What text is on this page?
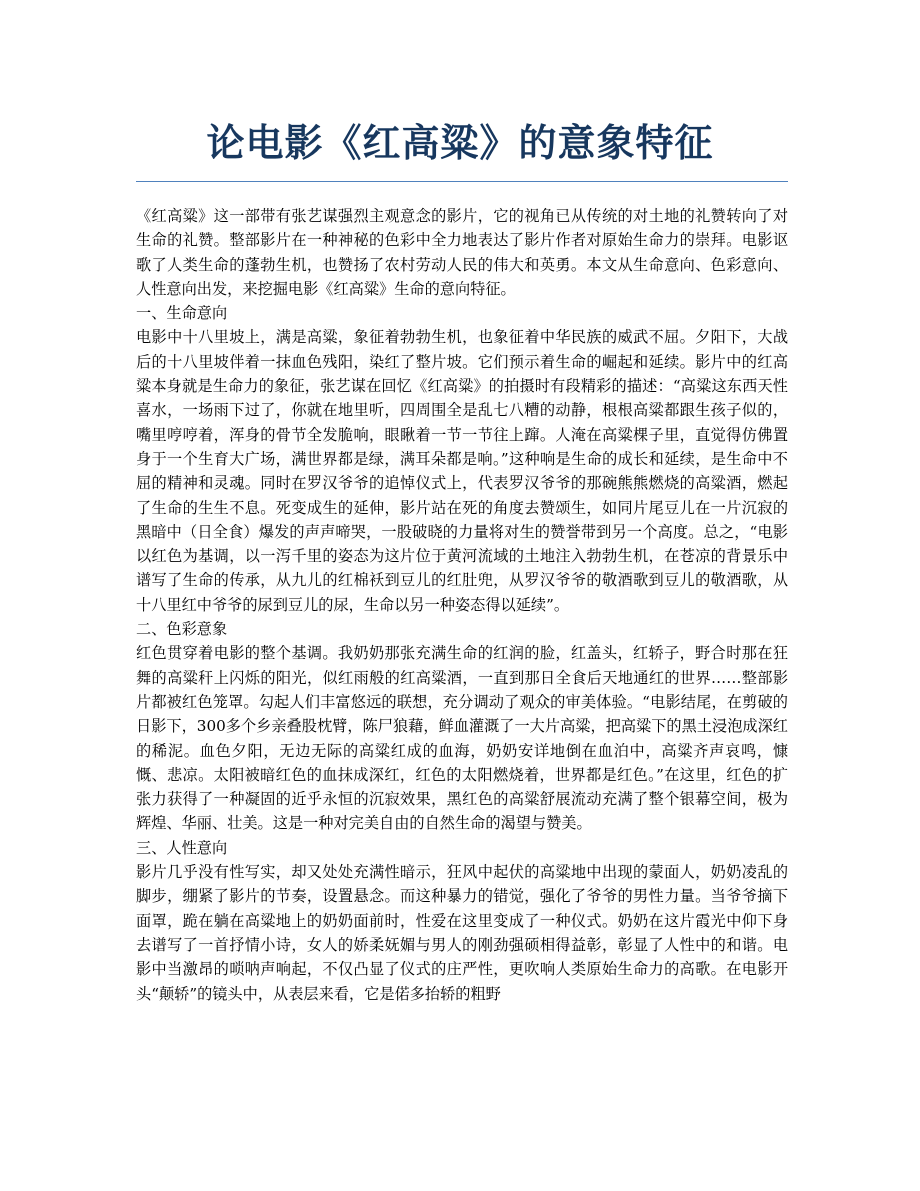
论电影《红高粱》的意象特征

《红高粱》这一部带有张艺谋强烈主观意念的影片，它的视角已从传统的对土地的礼赞转向了对生命的礼赞。整部影片在一种神秘的色彩中全力地表达了影片作者对原始生命力的崇拜。电影讴歌了人类生命的蓬勃生机，也赞扬了农村劳动人民的伟大和英勇。本文从生命意向、色彩意向、人性意向出发，来挖掘电影《红高粱》生命的意向特征。

一、生命意向

电影中十八里坡上，满是高粱，象征着勃勃生机，也象征着中华民族的威武不屈。夕阳下，大战后的十八里坡伴着一抹血色残阳，染红了整片坡。它们预示着生命的崛起和延续。影片中的红高粱本身就是生命力的象征，张艺谋在回忆《红高粱》的拍摄时有段精彩的描述：“高粱这东西天性喜水，一场雨下过了，你就在地里听，四周围全是乱七八糟的动静，根根高粱都跟生孩子似的，嘴里哼哼着，浑身的骨节全发脆响，眼瞅着一节一节往上蹿。人淹在高粱棵子里，直觉得仿佛置身于一个生育大广场，满世界都是绿，满耳朵都是响。”这种响是生命的成长和延续，是生命中不屈的精神和灵魂。同时在罗汉爷爷的追悼仪式上，代表罗汉爷爷的那碗熊熊燃烧的高粱酒，燃起了生命的生生不息。死变成生的延伸，影片站在死的角度去赞颂生，如同片尾豆儿在一片沉寂的黑暗中（日全食）爆发的声声啼哭，一股破晓的力量将对生的赞誉带到另一个高度。总之，“电影以红色为基调，以一泻千里的姿态为这片位于黄河流域的土地注入勃勃生机，在苍凉的背景乐中谱写了生命的传承，从九儿的红棉袄到豆儿的红肚兜，从罗汉爷爷的敬酒歌到豆儿的敬酒歌，从十八里红中爷爷的尿到豆儿的尿，生命以另一种姿态得以延续”。

二、色彩意象

红色贯穿着电影的整个基调。我奶奶那张充满生命的红润的脸，红盖头，红轿子，野合时那在狂舞的高粱秆上闪烁的阳光，似红雨般的红高粱酒，一直到那日全食后天地通红的世界……整部影片都被红色笼罩。勾起人们丰富悠远的联想，充分调动了观众的审美体验。“电影结尾，在剪破的日影下，300多个乡亲叠股枕臂，陈尸狼藉，鲜血灌溉了一大片高粱，把高粱下的黑土浸泡成深红的稀泥。血色夕阳，无边无际的高粱红成的血海，奶奶安详地倒在血泊中，高粱齐声哀鸣，慷慨、悲凉。太阳被暗红色的血抹成深红，红色的太阳燃烧着，世界都是红色。”在这里，红色的扩张力获得了一种凝固的近乎永恒的沉寂效果，黑红色的高粱舒展流动充满了整个银幕空间，极为辉煌、华丽、壮美。这是一种对完美自由的自然生命的渴望与赞美。

三、人性意向

影片几乎没有性写实，却又处处充满性暗示，狂风中起伏的高粱地中出现的蒙面人，奶奶凌乱的脚步，绷紧了影片的节奏，设置悬念。而这种暴力的错觉，强化了爷爷的男性力量。当爷爷摘下面罩，跪在躺在高粱地上的奶奶面前时，性爱在这里变成了一种仪式。奶奶在这片霞光中仰下身去谱写了一首抒情小诗，女人的娇柔妩媚与男人的刚劲强硕相得益彰，彰显了人性中的和谐。电影中当激昂的唢呐声响起，不仅凸显了仪式的庄严性，更吹响人类原始生命力的高歌。在电影开头“颠轿”的镜头中，从表层来看，它是偌多抬轿的粗野
